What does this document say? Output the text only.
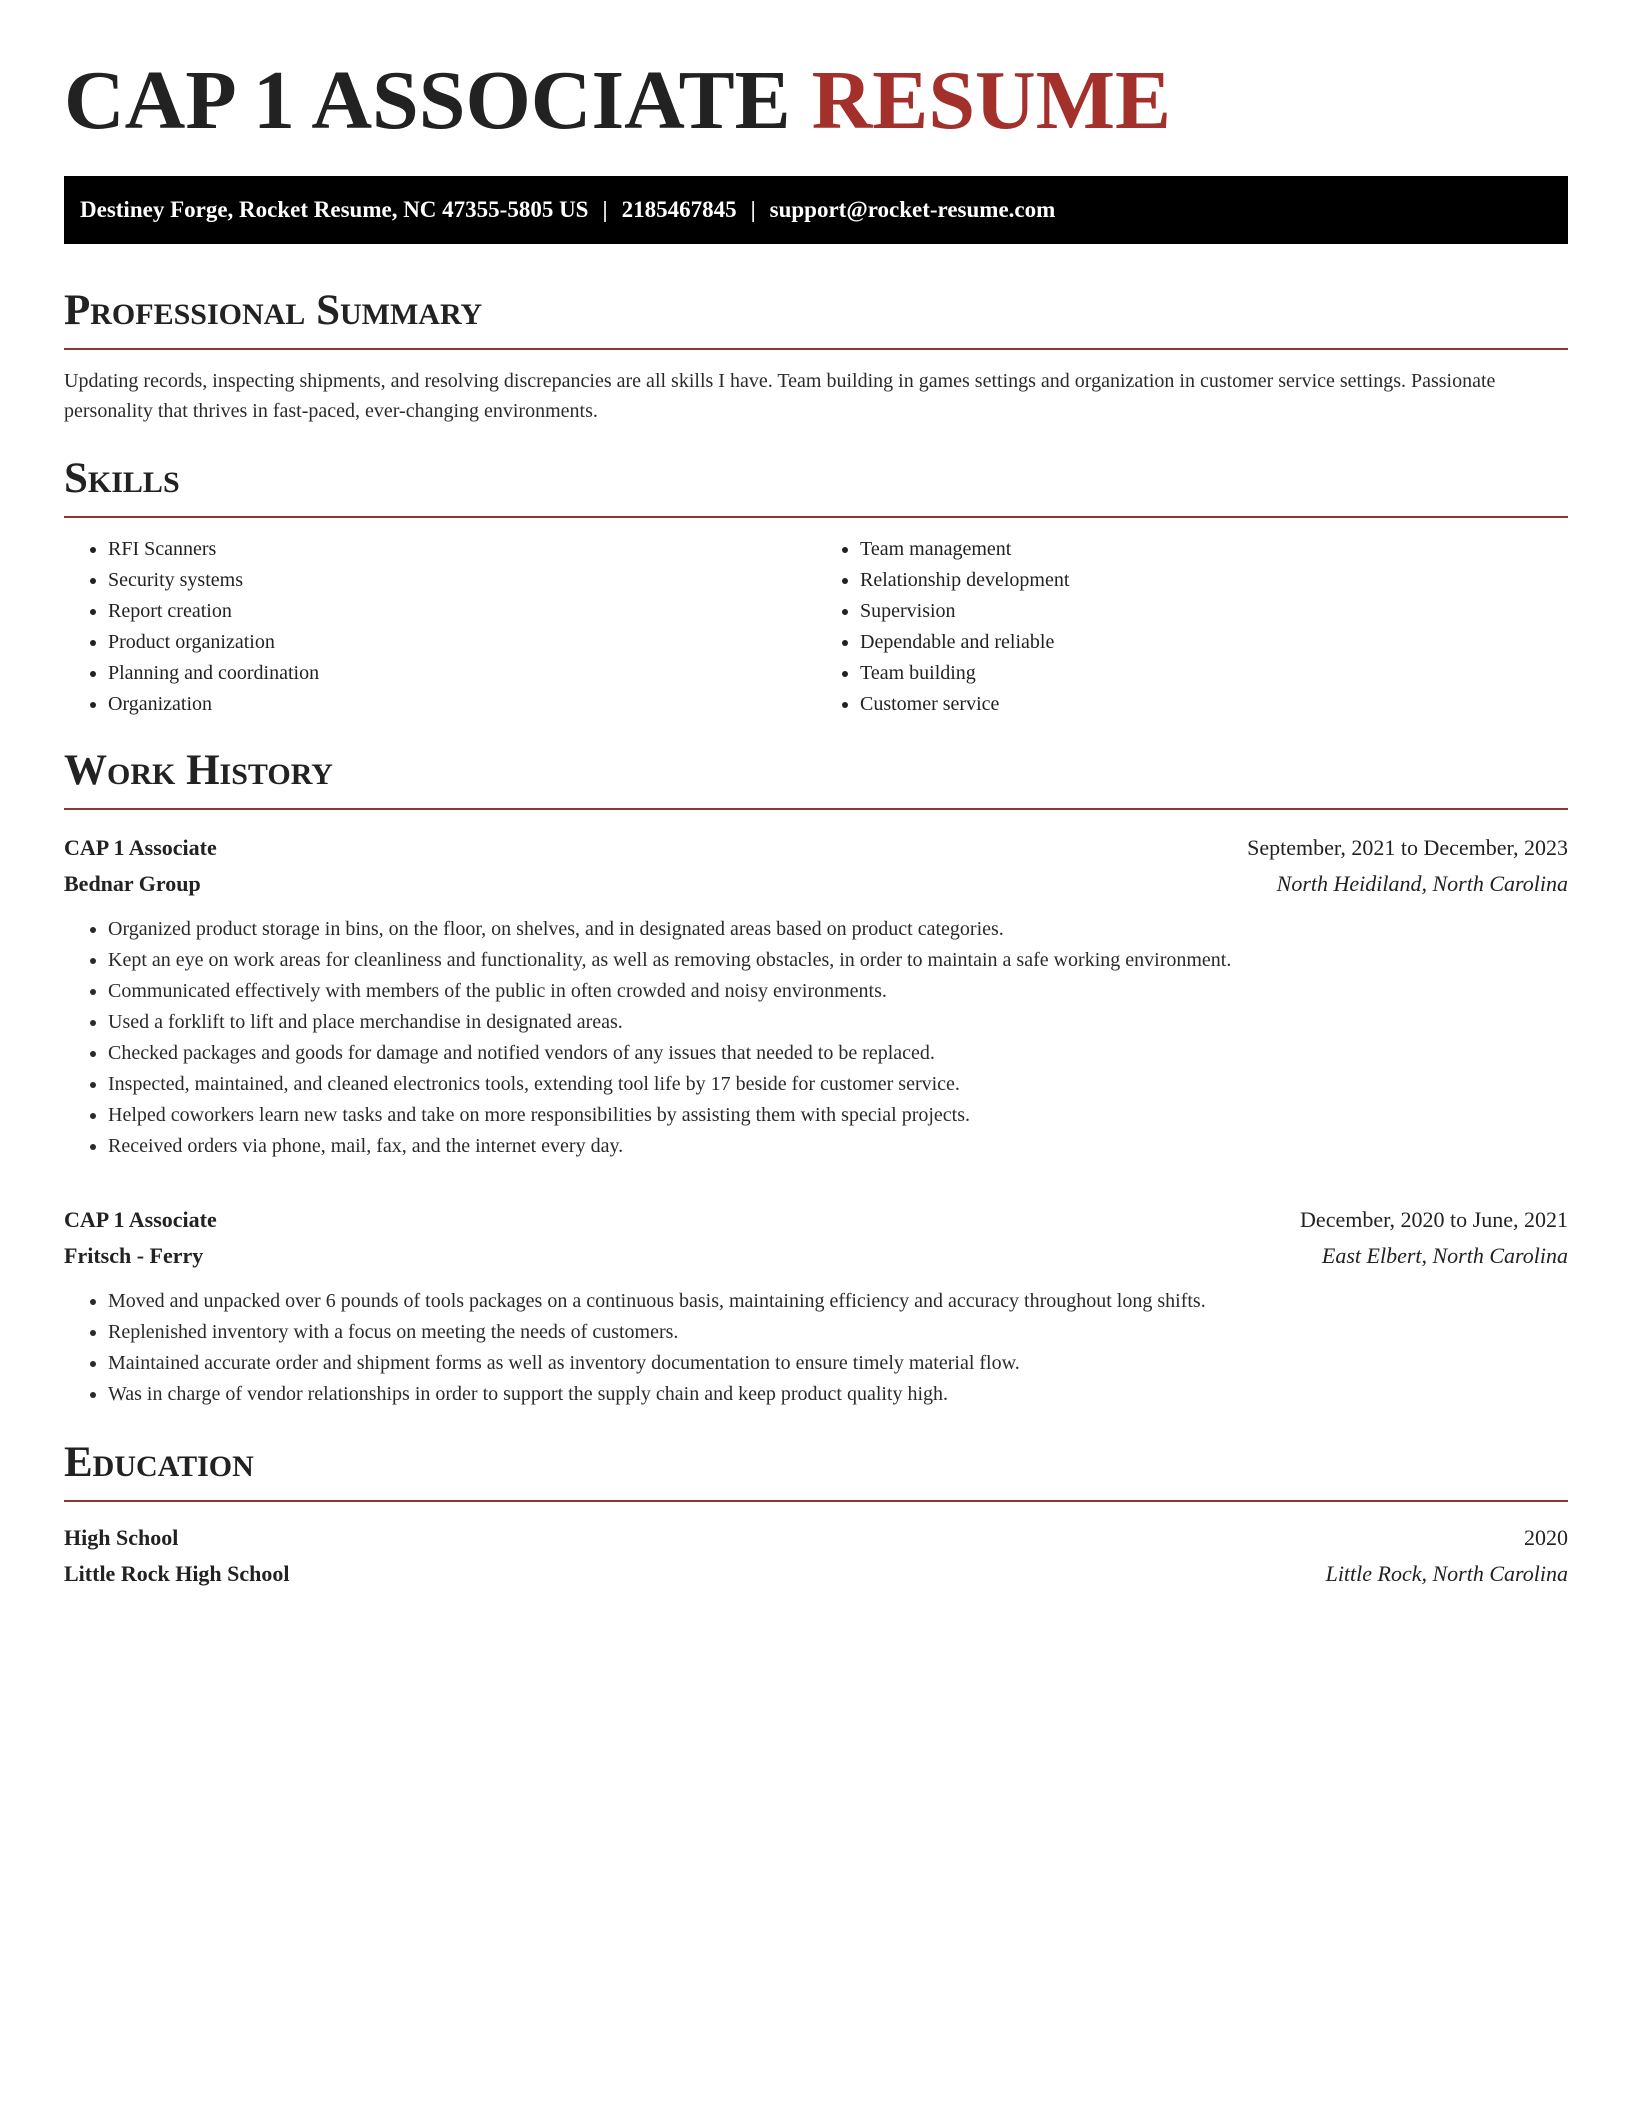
CAP 1 ASSOCIATE RESUME
Destiney Forge, Rocket Resume, NC 47355-5805 US | 2185467845 | support@rocket-resume.com
Professional Summary

Updating records, inspecting shipments, and resolving discrepancies are all skills I have. Team building in games settings and organization in customer service settings. Passionate personality that thrives in fast-paced, ever-changing environments.

Skills
• RFI Scanners
• Security systems
• Report creation
• Product organization
• Planning and coordination
• Organization
• Team management
• Relationship development
• Supervision
• Dependable and reliable
• Team building
• Customer service
Work History
CAP 1 Associate	September, 2021 to December, 2023
Bednar Group	North Heidiland, North Carolina
• Organized product storage in bins, on the floor, on shelves, and in designated areas based on product categories.
• Kept an eye on work areas for cleanliness and functionality, as well as removing obstacles, in order to maintain a safe working environment.
• Communicated effectively with members of the public in often crowded and noisy environments.
• Used a forklift to lift and place merchandise in designated areas.
• Checked packages and goods for damage and notified vendors of any issues that needed to be replaced.
• Inspected, maintained, and cleaned electronics tools, extending tool life by 17 beside for customer service.
• Helped coworkers learn new tasks and take on more responsibilities by assisting them with special projects.
• Received orders via phone, mail, fax, and the internet every day.
CAP 1 Associate	December, 2020 to June, 2021
Fritsch - Ferry	East Elbert, North Carolina
• Moved and unpacked over 6 pounds of tools packages on a continuous basis, maintaining efficiency and accuracy throughout long shifts.
• Replenished inventory with a focus on meeting the needs of customers.
• Maintained accurate order and shipment forms as well as inventory documentation to ensure timely material flow.
• Was in charge of vendor relationships in order to support the supply chain and keep product quality high.
Education
High School	2020
Little Rock High School	Little Rock, North Carolina
